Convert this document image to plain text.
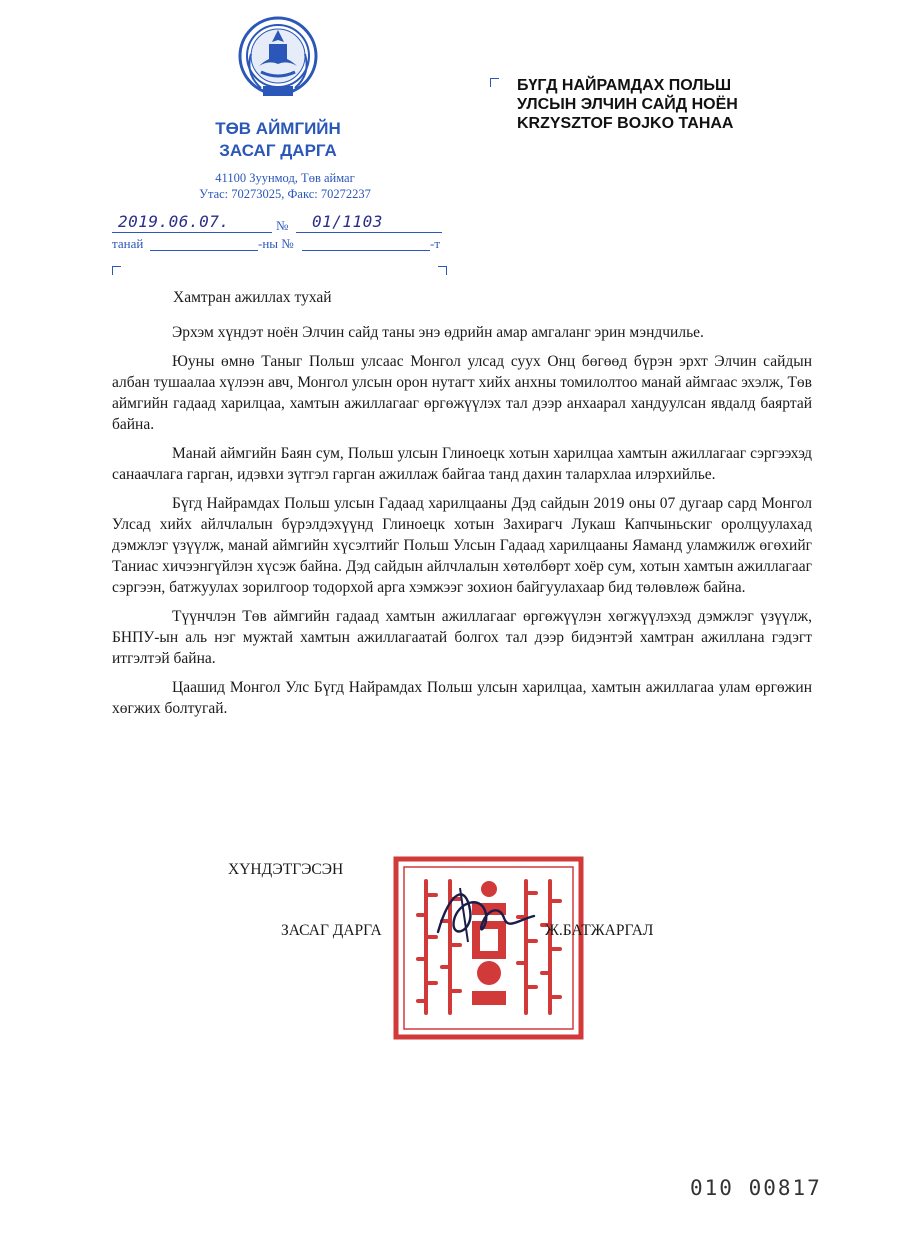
ТӨВ АЙМГИЙН
ЗАСАГ ДАРГА
41100 Зуунмод, Төв аймаг
Утас: 70273025, Факс: 70272237
БҮГД НАЙРАМДАХ ПОЛЬШ
УЛСЫН ЭЛЧИН САЙД НОЁН
KRZYSZTOF BOJKO ТАНАА
2019.06.07.	№ 01/1103
танай	-ны №	-т
Хамтран ажиллах тухай

Эрхэм хүндэт ноён Элчин сайд таны энэ өдрийн амар амгаланг эрин мэндчилье.

Юуны өмнө Таныг Польш улсаас Монгол улсад суух Онц бөгөөд бүрэн эрхт Элчин сайдын албан тушаалаа хүлээн авч, Монгол улсын орон нутагт хийх анхны томилолтоо манай аймгаас эхэлж, Төв аймгийн гадаад харилцаа, хамтын ажиллагааг өргөжүүлэх тал дээр анхаарал хандуулсан явдалд баяртай байна.

Манай аймгийн Баян сум, Польш улсын Глиноецк хотын харилцаа хамтын ажиллагааг сэргээхэд санаачлага гарган, идэвхи зүтгэл гарган ажиллаж байгаа танд дахин талархлаа илэрхийлье.

Бүгд Найрамдах Польш улсын Гадаад харилцааны Дэд сайдын 2019 оны 07 дугаар сард Монгол Улсад хийх айлчлалын бүрэлдэхүүнд Глиноецк хотын Захирагч Лукаш Капчыньскиг оролцуулахад дэмжлэг үзүүлж, манай аймгийн хүсэлтийг Польш Улсын Гадаад харилцааны Яаманд уламжилж өгөхийг Таниас хичээнгүйлэн хүсэж байна. Дэд сайдын айлчлалын хөтөлбөрт хоёр сум, хотын хамтын ажиллагааг сэргээн, батжуулах зорилгоор тодорхой арга хэмжээг зохион байгуулахаар бид төлөвлөж байна.

Түүнчлэн Төв аймгийн гадаад хамтын ажиллагааг өргөжүүлэн хөгжүүлэхэд дэмжлэг үзүүлж, БНПУ-ын аль нэг мужтай хамтын ажиллагаатай болгох тал дээр бидэнтэй хамтран ажиллана гэдэгт итгэлтэй байна.

Цаашид Монгол Улс Бүгд Найрамдах Польш улсын харилцаа, хамтын ажиллагаа улам өргөжин хөгжих болтугай.

ХҮНДЭТГЭСЭН
ЗАСАГ ДАРГА	Ж.БАТЖАРГАЛ
010 00817
